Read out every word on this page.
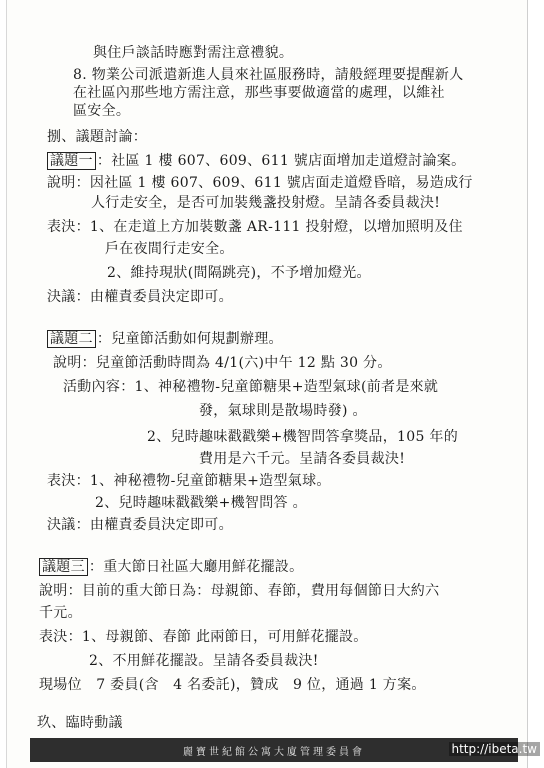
與住戶談話時應對需注意禮貌。
8. 物業公司派遣新進人員來社區服務時，請般經理要提醒新人
在社區內那些地方需注意，那些事要做適當的處理，以維社
區安全。
捌、議題討論：
議題一 ：社區 1 樓 607、609、611 號店面增加走道燈討論案。
說明：因社區 1 樓 607、609、611 號店面走道燈昏暗，易造成行
人行走安全，是否可加裝幾盞投射燈。呈請各委員裁決!
表決：1、在走道上方加裝數盞 AR-111 投射燈，以增加照明及住
戶在夜間行走安全。
2、維持現狀(間隔跳亮)，不予增加燈光。
決議：由權責委員決定即可。
議題二 ：兒童節活動如何規劃辦理。
說明：兒童節活動時間為 4/1(六)中午 12 點 30 分。
活動內容：1、神秘禮物-兒童節糖果+造型氣球(前者是來就
發，氣球則是散場時發) 。
2、兒時趣味戳戳樂+機智問答拿獎品，105 年的
費用是六千元。呈請各委員裁決!
表決：1、神秘禮物-兒童節糖果+造型氣球。
2、兒時趣味戳戳樂+機智問答 。
決議：由權責委員決定即可。
議題三 ：重大節日社區大廳用鮮花擺設。
說明：目前的重大節日為：母親節、春節，費用每個節日大約六
千元。
表決：1、母親節、春節 此兩節日，可用鮮花擺設。
2、不用鮮花擺設。呈請各委員裁決!
現場位　7 委員(含　4 名委託)，贊成　9 位，通過 1 方案。
玖、臨時動議
麗寶世紀館公寓大廈管理委員會	http://ibeta.tw
